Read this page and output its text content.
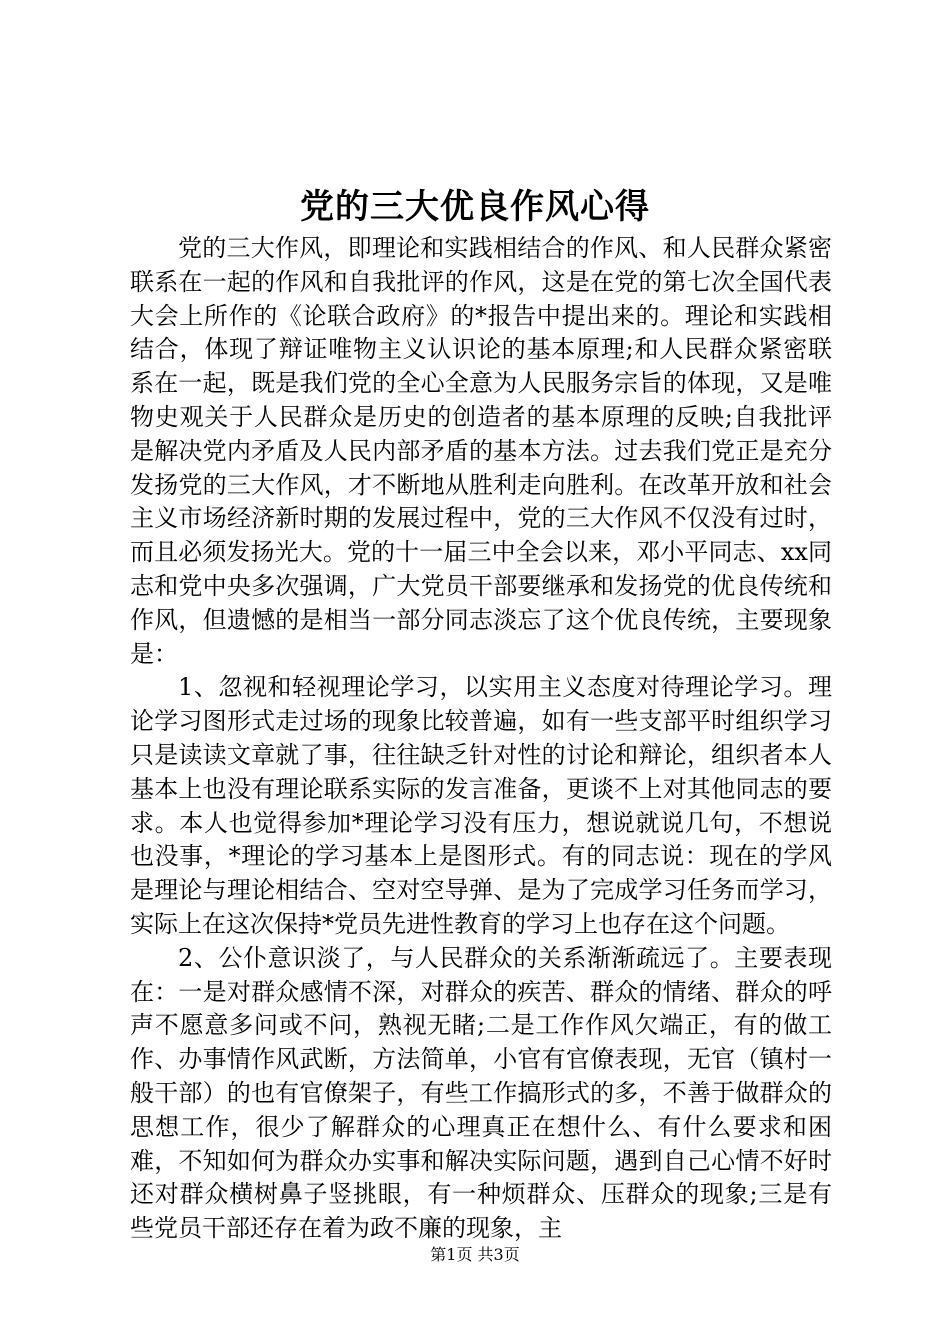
党的三大优良作风心得

党的三大作风，即理论和实践相结合的作风、和人民群众紧密联系在一起的作风和自我批评的作风，这是在党的第七次全国代表大会上所作的《论联合政府》的*报告中提出来的。理论和实践相结合，体现了辩证唯物主义认识论的基本原理;和人民群众紧密联系在一起，既是我们党的全心全意为人民服务宗旨的体现，又是唯物史观关于人民群众是历史的创造者的基本原理的反映;自我批评是解决党内矛盾及人民内部矛盾的基本方法。过去我们党正是充分发扬党的三大作风，才不断地从胜利走向胜利。在改革开放和社会主义市场经济新时期的发展过程中，党的三大作风不仅没有过时，而且必须发扬光大。党的十一届三中全会以来，邓小平同志、xx同志和党中央多次强调，广大党员干部要继承和发扬党的优良传统和作风，但遗憾的是相当一部分同志淡忘了这个优良传统，主要现象是：

1、忽视和轻视理论学习，以实用主义态度对待理论学习。理论学习图形式走过场的现象比较普遍，如有一些支部平时组织学习只是读读文章就了事，往往缺乏针对性的讨论和辩论，组织者本人基本上也没有理论联系实际的发言准备，更谈不上对其他同志的要求。本人也觉得参加*理论学习没有压力，想说就说几句，不想说也没事，*理论的学习基本上是图形式。有的同志说：现在的学风是理论与理论相结合、空对空导弹、是为了完成学习任务而学习，实际上在这次保持*党员先进性教育的学习上也存在这个问题。

2、公仆意识淡了，与人民群众的关系渐渐疏远了。主要表现在：一是对群众感情不深，对群众的疾苦、群众的情绪、群众的呼声不愿意多问或不问，熟视无睹;二是工作作风欠端正，有的做工作、办事情作风武断，方法简单，小官有官僚表现，无官（镇村一般干部）的也有官僚架子，有些工作搞形式的多，不善于做群众的思想工作，很少了解群众的心理真正在想什么、有什么要求和困难，不知如何为群众办实事和解决实际问题，遇到自己心情不好时还对群众横树鼻子竖挑眼，有一种烦群众、压群众的现象;三是有些党员干部还存在着为政不廉的现象，主

第1页 共3页
